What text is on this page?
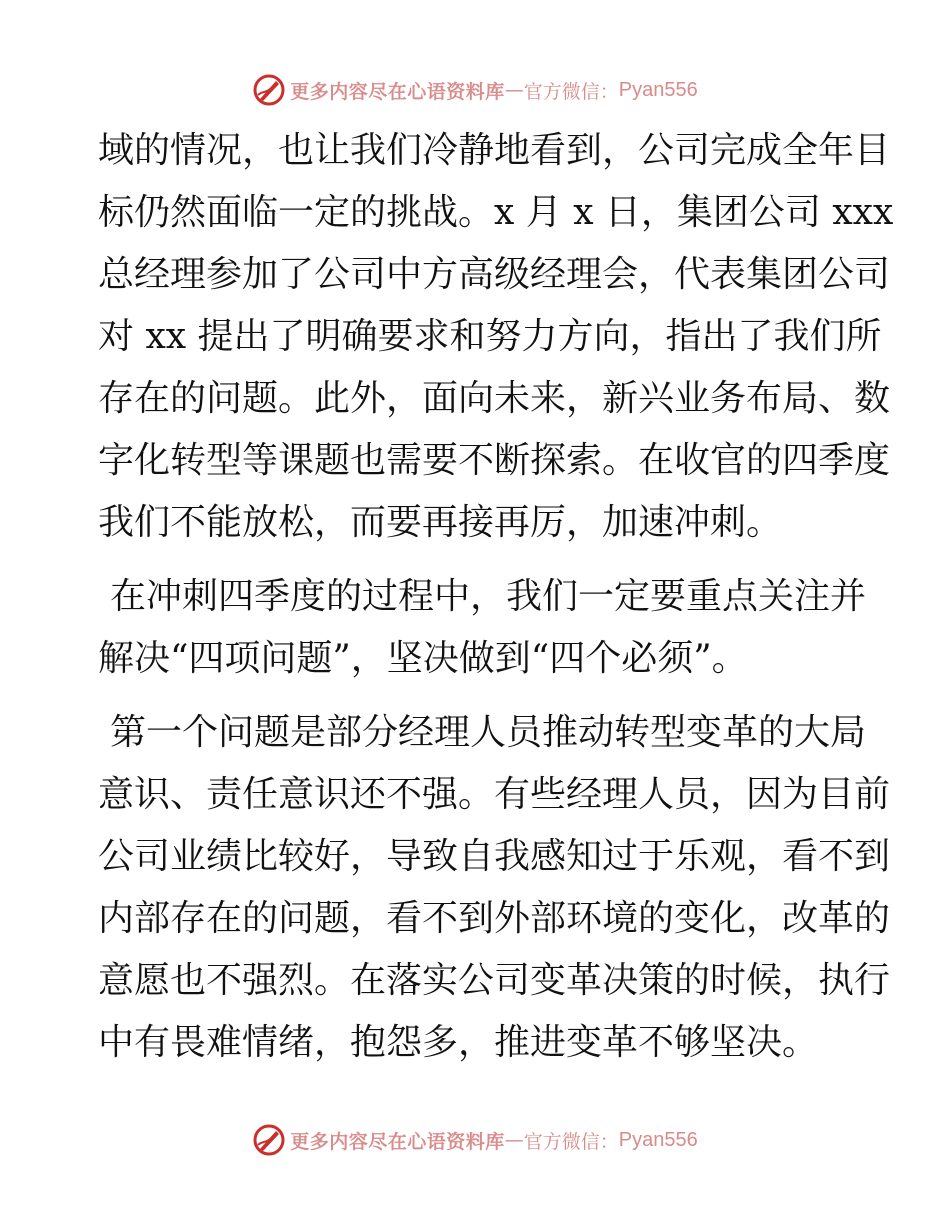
更多内容尽在心语资料库 — 官方微信： Pyan556
域的情况，也让我们冷静地看到，公司完成全年目
标仍然面临一定的挑战。x 月 x 日，集团公司 xxx
总经理参加了公司中方高级经理会，代表集团公司
对 xx 提出了明确要求和努力方向，指出了我们所
存在的问题。此外，面向未来，新兴业务布局、数
字化转型等课题也需要不断探索。在收官的四季度
我们不能放松，而要再接再厉，加速冲刺。
在冲刺四季度的过程中，我们一定要重点关注并
解决“四项问题”，坚决做到“四个必须”。
第一个问题是部分经理人员推动转型变革的大局
意识、责任意识还不强。有些经理人员，因为目前
公司业绩比较好，导致自我感知过于乐观，看不到
内部存在的问题，看不到外部环境的变化，改革的
意愿也不强烈。在落实公司变革决策的时候，执行
中有畏难情绪，抱怨多，推进变革不够坚决。
更多内容尽在心语资料库 — 官方微信： Pyan556
